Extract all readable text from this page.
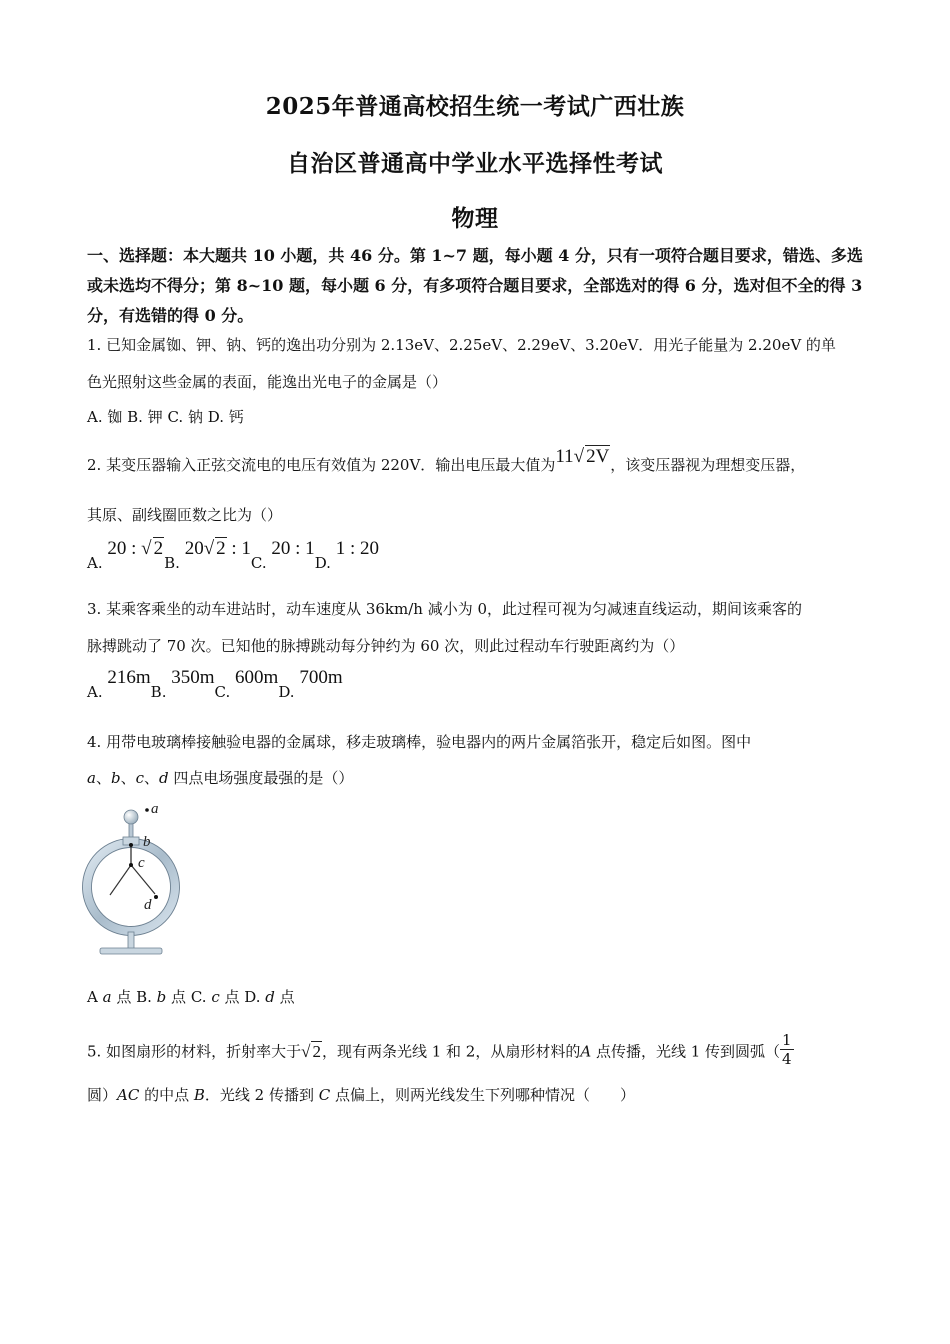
2025年普通高校招生统一考试广西壮族
自治区普通高中学业水平选择性考试
物理
一、选择题：本大题共 10 小题，共 46 分。第 1~7 题，每小题 4 分，只有一项符合题目要求，错选、多选或未选均不得分；第 8~10 题，每小题 6 分，有多项符合题目要求，全部选对的得 6 分，选对但不全的得 3 分，有选错的得 0 分。
1. 已知金属铷、钾、钠、钙的逸出功分别为 2.13eV、2.25eV、2.29eV、3.20eV．用光子能量为 2.20eV 的单
色光照射这些金属的表面，能逸出光电子的金属是（）
A. 铷 B. 钾 C. 钠 D. 钙
2. 某变压器输入正弦交流电的电压有效值为 220V．输出电压最大值为11√ 2V，该变压器视为理想变压器，
其原、副线圈匝数之比为（）
A. 20 : √ 2B. 20√ 2 : 1C. 20 : 1D. 1 : 20
3. 某乘客乘坐的动车进站时，动车速度从 36km/h 减小为 0，此过程可视为匀减速直线运动，期间该乘客的
脉搏跳动了 70 次。已知他的脉搏跳动每分钟约为 60 次，则此过程动车行驶距离约为（）
A. 216mB. 350mC. 600mD. 700m
4. 用带电玻璃棒接触验电器的金属球，移走玻璃棒，验电器内的两片金属箔张开，稳定后如图。图中
a、b、c、d 四点电场强度最强的是（）
a
b
c
d
A a 点 B. b 点 C. c 点 D. d 点
5. 如图扇形的材料，折射率大于√ 2，现有两条光线 1 和 2，从扇形材料的A 点传播，光线 1 传到圆弧（ $\frac{1}{4}$
圆）AC 的中点 B．光线 2 传播到 C 点偏上，则两光线发生下列哪种情况（　　）
